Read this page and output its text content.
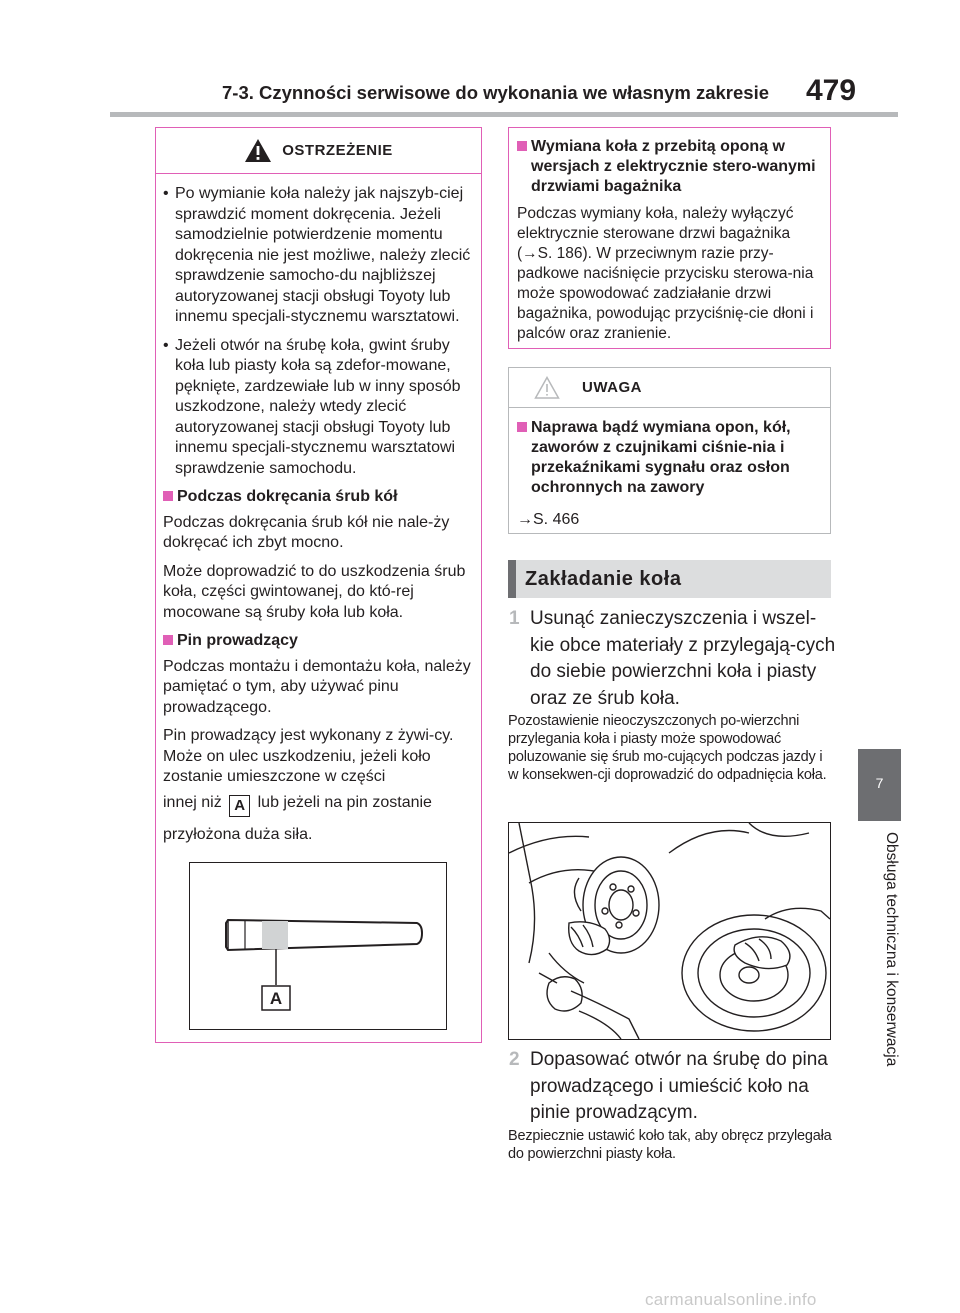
7-3. Czynności serwisowe do wykonania we własnym zakresie 479
7
Obsługa techniczna i konserwacja
OSTRZEŻENIE
• Po wymianie koła należy jak najszyb-ciej sprawdzić moment dokręcenia. Jeżeli samodzielnie potwierdzenie momentu dokręcenia nie jest możliwe, należy zlecić sprawdzenie samocho-du najbliższej autoryzowanej stacji obsługi Toyoty lub innemu specjali-stycznemu warsztatowi.

• Jeżeli otwór na śrubę koła, gwint śruby koła lub piasty koła są zdefor-mowane, pęknięte, zardzewiałe lub w inny sposób uszkodzone, należy wtedy zlecić autoryzowanej stacji obsługi Toyoty lub innemu specjali-stycznemu warsztatowi sprawdzenie samochodu.

Podczas dokręcania śrub kół

Podczas dokręcania śrub kół nie nale-ży dokręcać ich zbyt mocno.

Może doprowadzić to do uszkodzenia śrub koła, części gwintowanej, do któ-rej mocowane są śruby koła lub koła.

Pin prowadzący

Podczas montażu i demontażu koła, należy pamiętać o tym, aby używać pinu prowadzącego.

Pin prowadzący jest wykonany z żywi-cy. Może on ulec uszkodzeniu, jeżeli koło zostanie umieszczone w części

innej niż A lub jeżeli na pin zostanie

przyłożona duża siła.

A
Wymiana koła z przebitą oponą w wersjach z elektrycznie stero-wanymi drzwiami bagażnika

Podczas wymiany koła, należy wyłączyć elektrycznie sterowane drzwi bagażnika (→S. 186). W przeciwnym razie przy-padkowe naciśnięcie przycisku sterowa-nia może spowodować zadziałanie drzwi bagażnika, powodując przyciśnię-cie dłoni i palców oraz zranienie.

UWAGA
Naprawa bądź wymiana opon, kół, zaworów z czujnikami ciśnie-nia i przekaźnikami sygnału oraz osłon ochronnych na zawory

→S. 466

Zakładanie koła
1 Usunąć zanieczyszczenia i wszel-kie obce materiały z przylegają-cych do siebie powierzchni koła i piasty oraz ze śrub koła.

Pozostawienie nieoczyszczonych po-wierzchni przylegania koła i piasty może spowodować poluzowanie się śrub mo-cujących podczas jazdy i w konsekwen-cji doprowadzić do odpadnięcia koła.

2 Dopasować otwór na śrubę do pina prowadzącego i umieścić koło na pinie prowadzącym.

Bezpiecznie ustawić koło tak, aby obręcz przylegała do powierzchni piasty koła.

carmanualsonline.info
